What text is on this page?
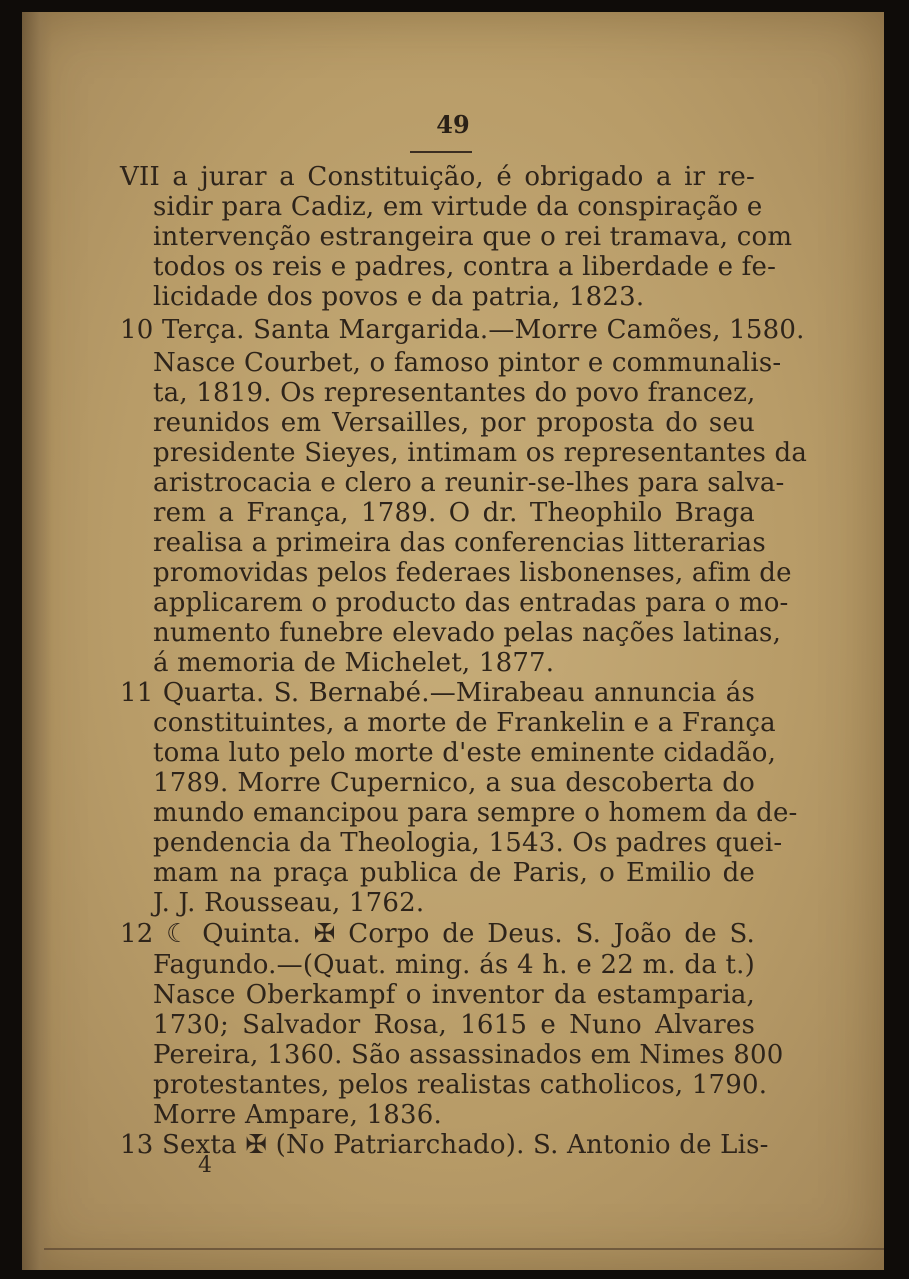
49
VII a jurar a Constituição, é obrigado a ir re-
sidir para Cadiz, em virtude da conspiração e
intervenção estrangeira que o rei tramava, com
todos os reis e padres, contra a liberdade e fe-
licidade dos povos e da patria, 1823.
10 Terça. Santa Margarida.—Morre Camões, 1580.
Nasce Courbet, o famoso pintor e communalis-
ta, 1819. Os representantes do povo francez,
reunidos em Versailles, por proposta do seu
presidente Sieyes, intimam os representantes da
aristrocacia e clero a reunir-se-lhes para salva-
rem a França, 1789. O dr. Theophilo Braga
realisa a primeira das conferencias litterarias
promovidas pelos federaes lisbonenses, afim de
applicarem o producto das entradas para o mo-
numento funebre elevado pelas nações latinas,
á memoria de Michelet, 1877.
11 Quarta. S. Bernabé.—Mirabeau annuncia ás
constituintes, a morte de Frankelin e a França
toma luto pelo morte d'este eminente cidadão,
1789. Morre Cupernico, a sua descoberta do
mundo emancipou para sempre o homem da de-
pendencia da Theologia, 1543. Os padres quei-
mam na praça publica de Paris, o Emilio de
J. J. Rousseau, 1762.
12 ☾ Quinta. ✠ Corpo de Deus. S. João de S.
Fagundo.—(Quat. ming. ás 4 h. e 22 m. da t.)
Nasce Oberkampf o inventor da estamparia,
1730; Salvador Rosa, 1615 e Nuno Alvares
Pereira, 1360. São assassinados em Nimes 800
protestantes, pelos realistas catholicos, 1790.
Morre Ampare, 1836.
13 Sexta ✠ (No Patriarchado). S. Antonio de Lis-
4
